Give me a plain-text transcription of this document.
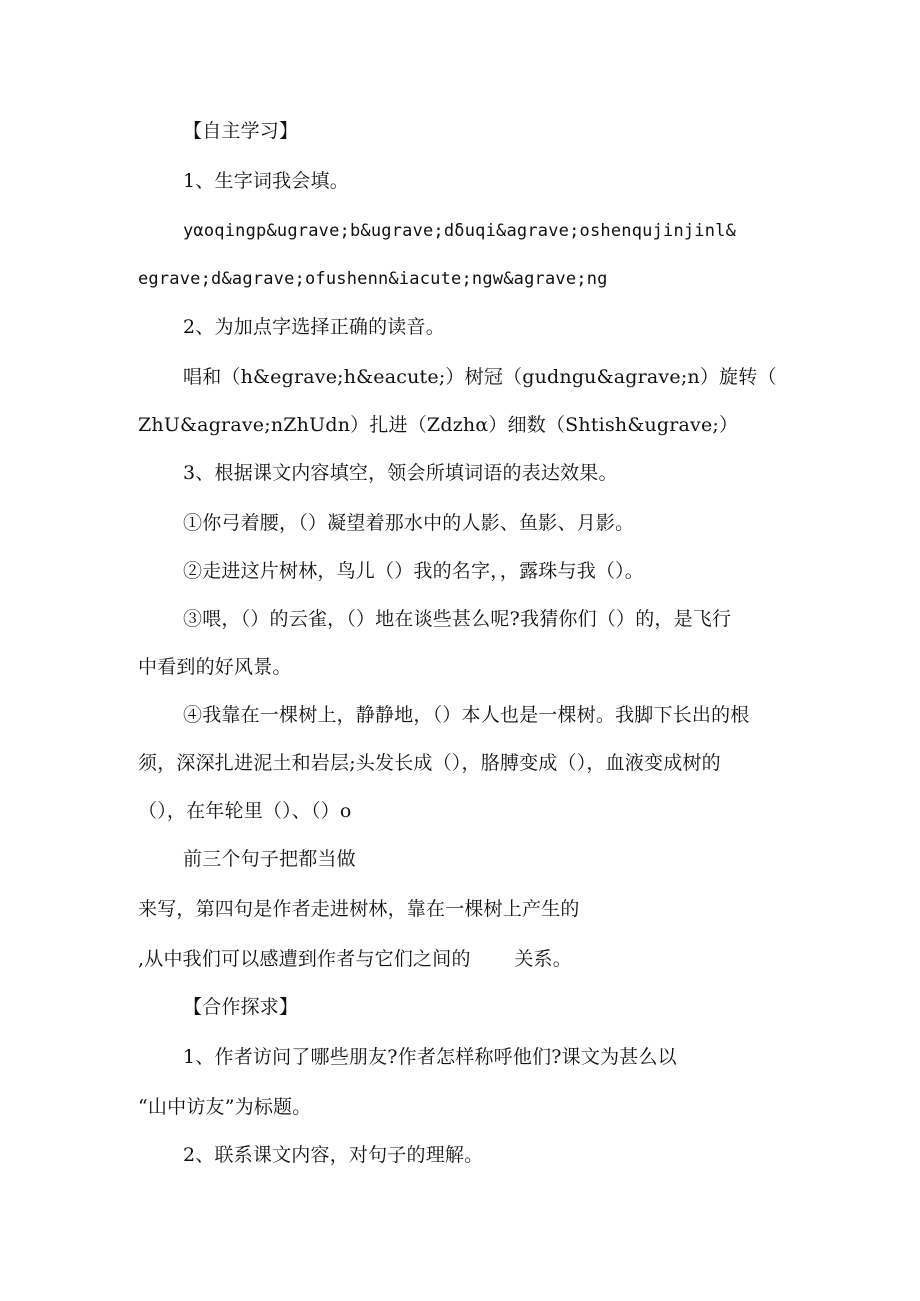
【自主学习】
1、生字词我会填。
yαoqingp&ugrave;b&ugrave;dδuqi&agrave;oshenqujinjinl&
egrave;d&agrave;ofushenn&iacute;ngw&agrave;ng
2、为加点字选择正确的读音。
唱和（h&egrave;h&eacute;）树冠（gudngu&agrave;n）旋转（
ZhU&agrave;nZhUdn）扎进（Zdzhα）细数（Shtish&ugrave;）
3、根据课文内容填空，领会所填词语的表达效果。
①你弓着腰，（）凝望着那水中的人影、鱼影、月影。
②走进这片树林，鸟儿（）我的名字，，露珠与我（）。
③喂，（）的云雀，（）地在谈些甚么呢?我猜你们（）的，是飞行
中看到的好风景。
④我靠在一棵树上，静静地，（）本人也是一棵树。我脚下长出的根
须，深深扎进泥土和岩层;头发长成（），胳膊变成（），血液变成树的
（），在年轮里（）、（）o
前三个句子把都当做
来写，第四句是作者走进树林，靠在一棵树上产生的
,从中我们可以感遭到作者与它们之间的       关系。
【合作探求】
1、作者访问了哪些朋友?作者怎样称呼他们?课文为甚么以
“山中访友”为标题。
2、联系课文内容，对句子的理解。
